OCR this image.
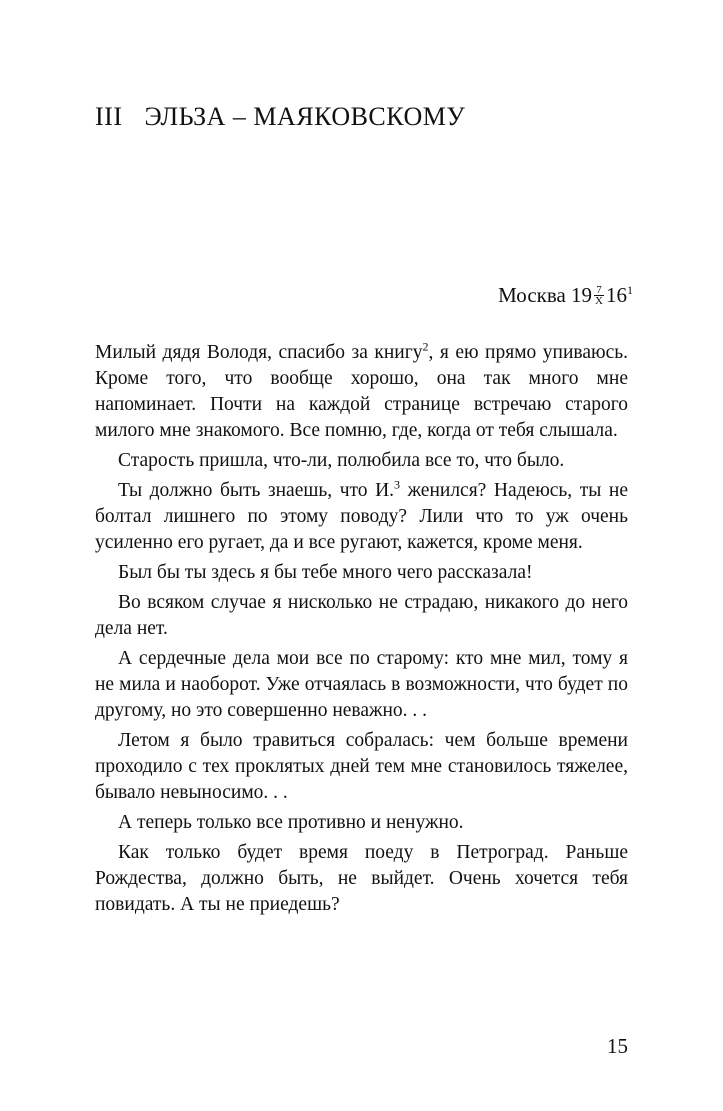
III ЭЛЬЗА – МАЯКОВСКОМУ
Москва $19 \frac{7}{X} 16^1$

Милый дядя Володя, спасибо за книгу$^2$, я ею прямо упиваюсь. Кроме того, что вообще хорошо, она так много мне напоминает. Почти на каждой странице встречаю старого милого мне знакомого. Все помню, где, когда от тебя слышала.

Старость пришла, что-ли, полюбила все то, что было.

Ты должно быть знаешь, что И.$^3$ женился? Надеюсь, ты не болтал лишнего по этому поводу? Лили что то уж очень усиленно его ругает, да и все ругают, кажется, кроме меня.

Был бы ты здесь я бы тебе много чего рассказала!

Во всяком случае я нисколько не страдаю, никакого до него дела нет.

А сердечные дела мои все по старому: кто мне мил, тому я не мила и наоборот. Уже отчаялась в возможности, что будет по другому, но это совершенно неважно. . .

Летом я было травиться собралась: чем больше времени проходило с тех проклятых дней тем мне становилось тяжелее, бывало невыносимо. . .

А теперь только все противно и ненужно.

Как только будет время поеду в Петроград. Раньше Рождества, должно быть, не выйдет. Очень хочется тебя повидать. А ты не приедешь?

15
